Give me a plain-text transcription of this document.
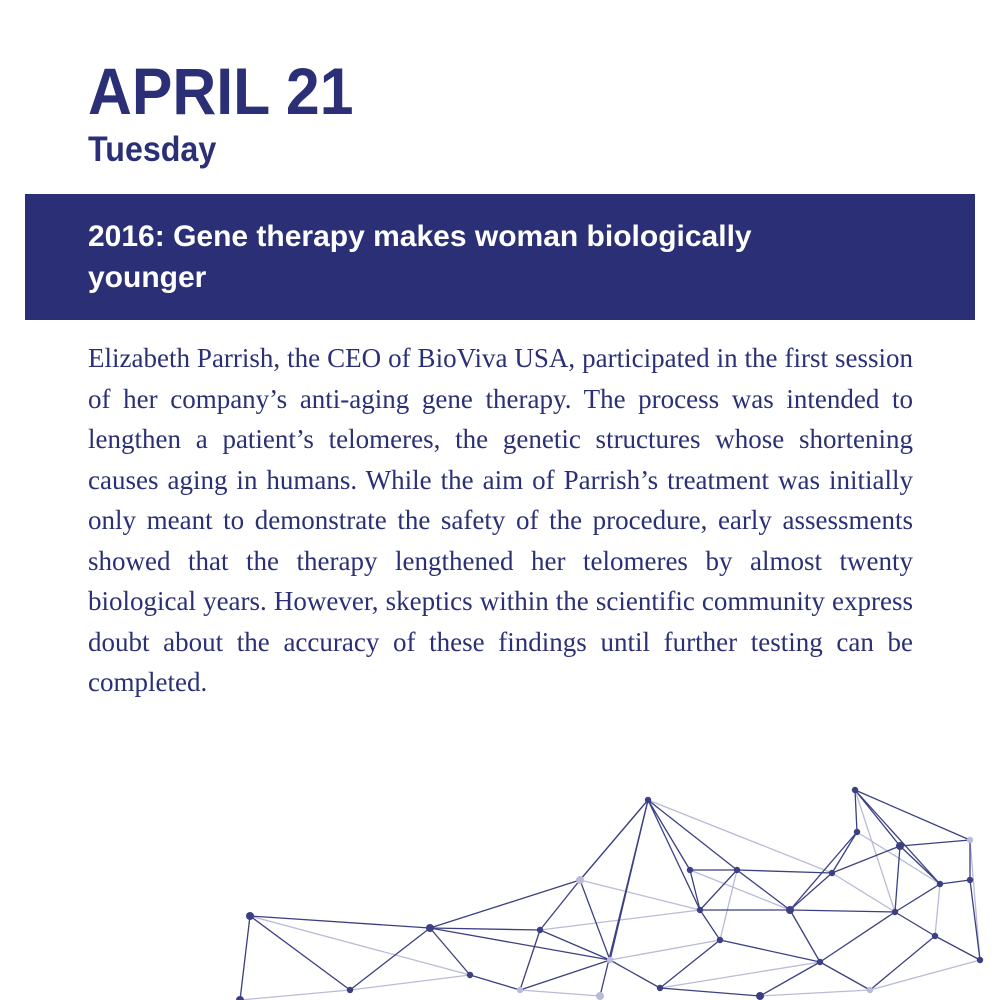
APRIL 21
Tuesday

2016: Gene therapy makes woman biologically younger

Elizabeth Parrish, the CEO of BioViva USA, participated in the first session of her company’s anti-aging gene therapy. The process was intended to lengthen a patient’s telomeres, the genetic structures whose shortening causes aging in humans. While the aim of Parrish’s treatment was initially only meant to demonstrate the safety of the procedure, early assessments showed that the therapy lengthened her telomeres by almost twenty biological years. However, skeptics within the scientific community express doubt about the accuracy of these findings until further testing can be completed.
